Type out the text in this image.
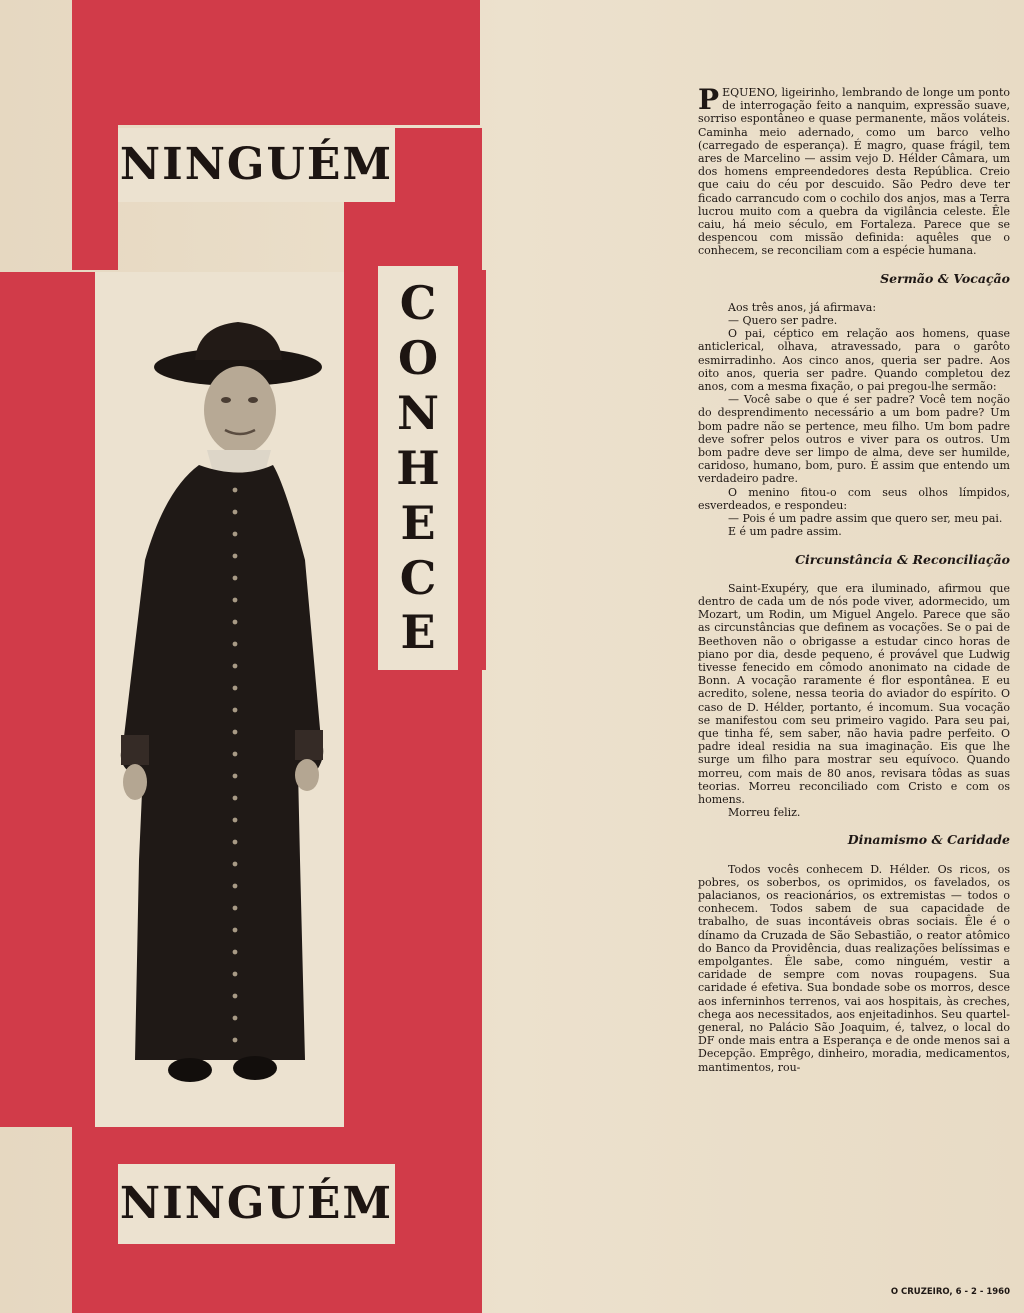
NINGUÉM
C
O
N
H
E
C
E
NINGUÉM

PEQUENO, ligeirinho, lembrando de longe um ponto de interrogação feito a nanquim, expressão suave, sorriso espontâneo e quase permanente, mãos voláteis. Caminha meio adernado, como um barco velho (carregado de esperança). É magro, quase frágil, tem ares de Marcelino — assim vejo D. Hélder Câmara, um dos homens empreendedores desta República. Creio que caiu do céu por descuido. São Pedro deve ter ficado carrancudo com o cochilo dos anjos, mas a Terra lucrou muito com a quebra da vigilância celeste. Êle caiu, há meio século, em Fortaleza. Parece que se despencou com missão definida: aquêles que o conhecem, se reconciliam com a espécie humana.

Sermão & Vocação

Aos três anos, já afirmava:

— Quero ser padre.

O pai, céptico em relação aos homens, quase anticlerical, olhava, atravessado, para o garôto esmirradinho. Aos cinco anos, queria ser padre. Aos oito anos, queria ser padre. Quando completou dez anos, com a mesma fixação, o pai pregou-lhe sermão:

— Você sabe o que é ser padre? Você tem noção do desprendimento necessário a um bom padre? Um bom padre não se pertence, meu filho. Um bom padre deve sofrer pelos outros e viver para os outros. Um bom padre deve ser limpo de alma, deve ser humilde, caridoso, humano, bom, puro. É assim que entendo um verdadeiro padre.

O menino fitou-o com seus olhos límpidos, esverdeados, e respondeu:

— Pois é um padre assim que quero ser, meu pai.

E é um padre assim.

Circunstância & Reconciliação

Saint-Exupéry, que era iluminado, afirmou que dentro de cada um de nós pode viver, adormecido, um Mozart, um Rodin, um Miguel Angelo. Parece que são as circunstâncias que definem as vocações. Se o pai de Beethoven não o obrigasse a estudar cinco horas de piano por dia, desde pequeno, é provável que Ludwig tivesse fenecido em cômodo anonimato na cidade de Bonn. A vocação raramente é flor espontânea. E eu acredito, solene, nessa teoria do aviador do espírito. O caso de D. Hélder, portanto, é incomum. Sua vocação se manifestou com seu primeiro vagido. Para seu pai, que tinha fé, sem saber, não havia padre perfeito. O padre ideal residia na sua imaginação. Eis que lhe surge um filho para mostrar seu equívoco. Quando morreu, com mais de 80 anos, revisara tôdas as suas teorias. Morreu reconciliado com Cristo e com os homens.

Morreu feliz.

Dinamismo & Caridade

Todos vocês conhecem D. Hélder. Os ricos, os pobres, os soberbos, os oprimidos, os favelados, os palacianos, os reacionários, os extremistas — todos o conhecem. Todos sabem de sua capacidade de trabalho, de suas incontáveis obras sociais. Êle é o dínamo da Cruzada de São Sebastião, o reator atômico do Banco da Providência, duas realizações belíssimas e empolgantes. Êle sabe, como ninguém, vestir a caridade de sempre com novas roupagens. Sua caridade é efetiva. Sua bondade sobe os morros, desce aos inferninhos terrenos, vai aos hospitais, às creches, chega aos necessitados, aos enjeitadinhos. Seu quartel-general, no Palácio São Joaquim, é, talvez, o local do DF onde mais entra a Esperança e de onde menos sai a Decepção. Emprêgo, dinheiro, moradia, medicamentos, mantimentos, rou-

O CRUZEIRO, 6 - 2 - 1960
